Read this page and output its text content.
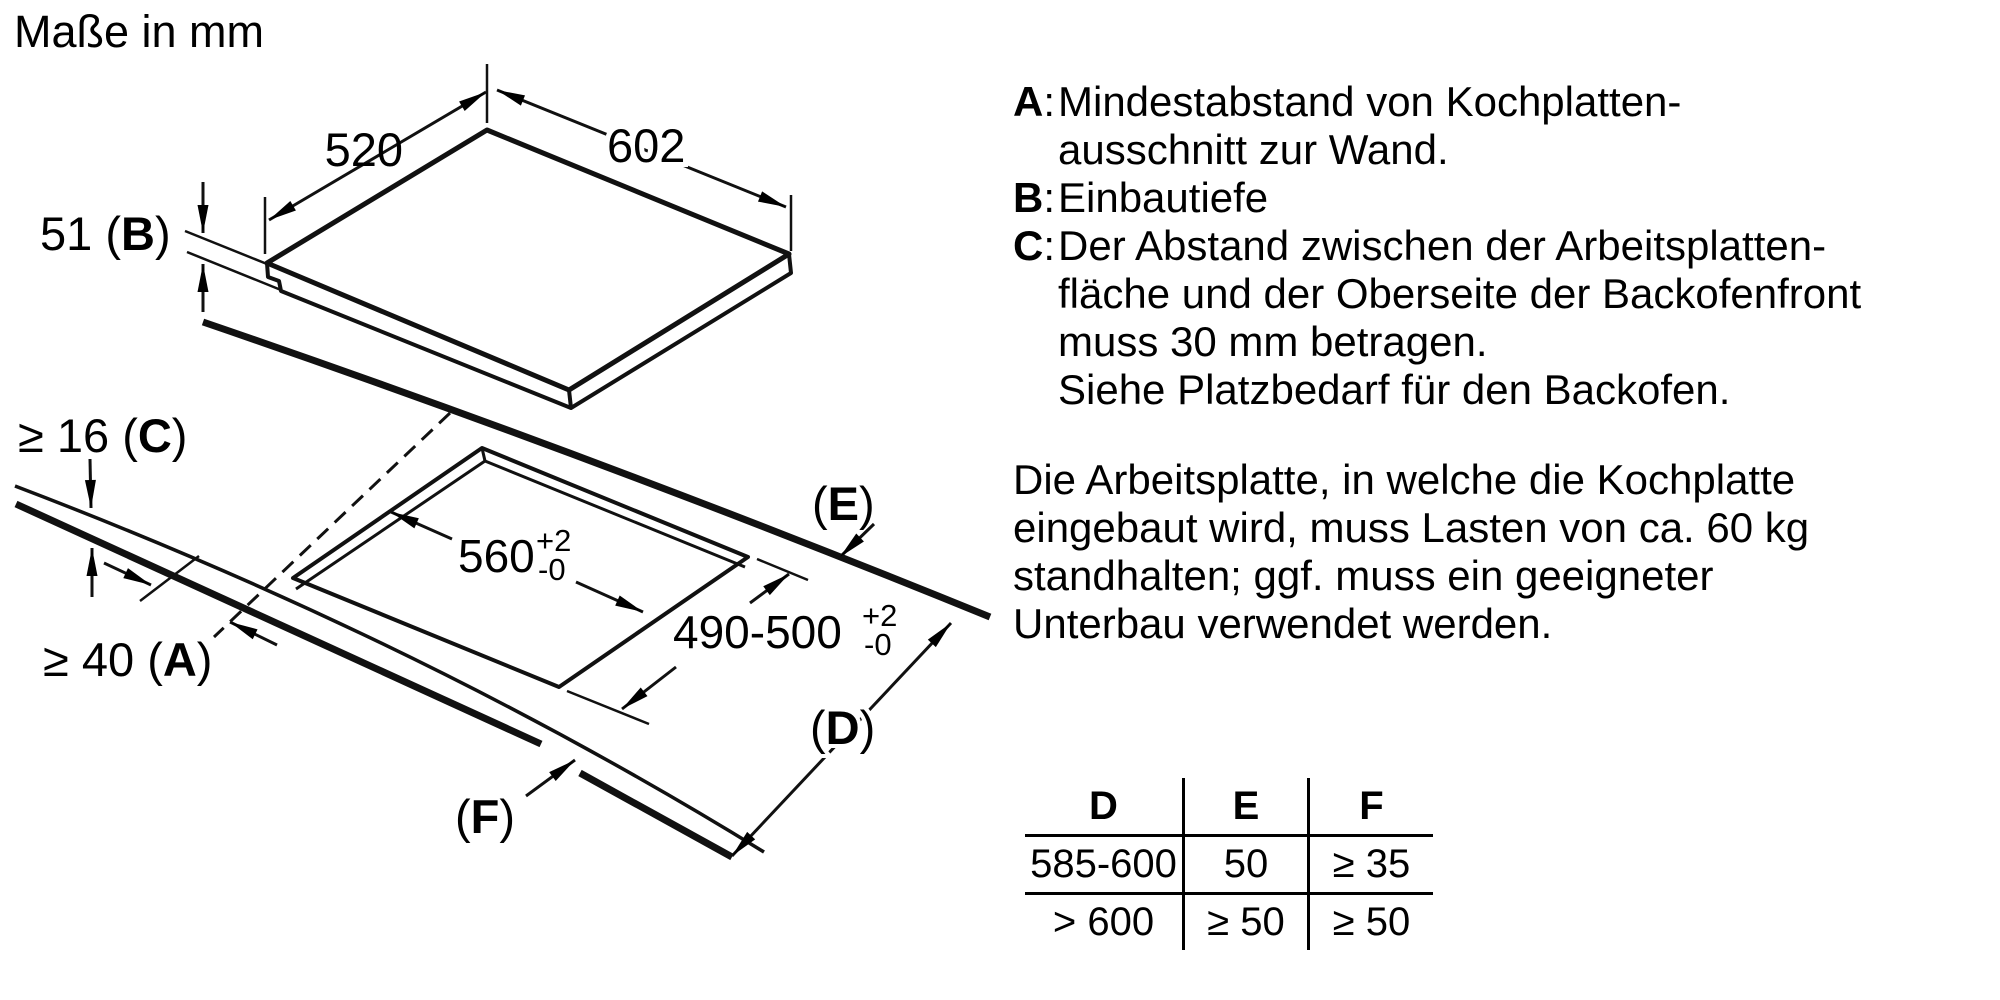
Maße in mm
520	602
51 (B)
560 +2
-0
490-500 +2
-0
≥ 16 (C)
≥ 40 (A)
(E)
(D)
(F)
A: Mindestabstand von Kochplatten-
ausschnitt zur Wand.
B: Einbautiefe
C: Der Abstand zwischen der Arbeitsplatten-
fläche und der Oberseite der Backofenfront
muss 30 mm betragen.
Siehe Platzbedarf für den Backofen.
Die Arbeitsplatte, in welche die Kochplatte
eingebaut wird, muss Lasten von ca. 60 kg
standhalten; ggf. muss ein geeigneter
Unterbau verwendet werden.
D	E	F
585-600	50	≥ 35
> 600	≥ 50	≥ 50
